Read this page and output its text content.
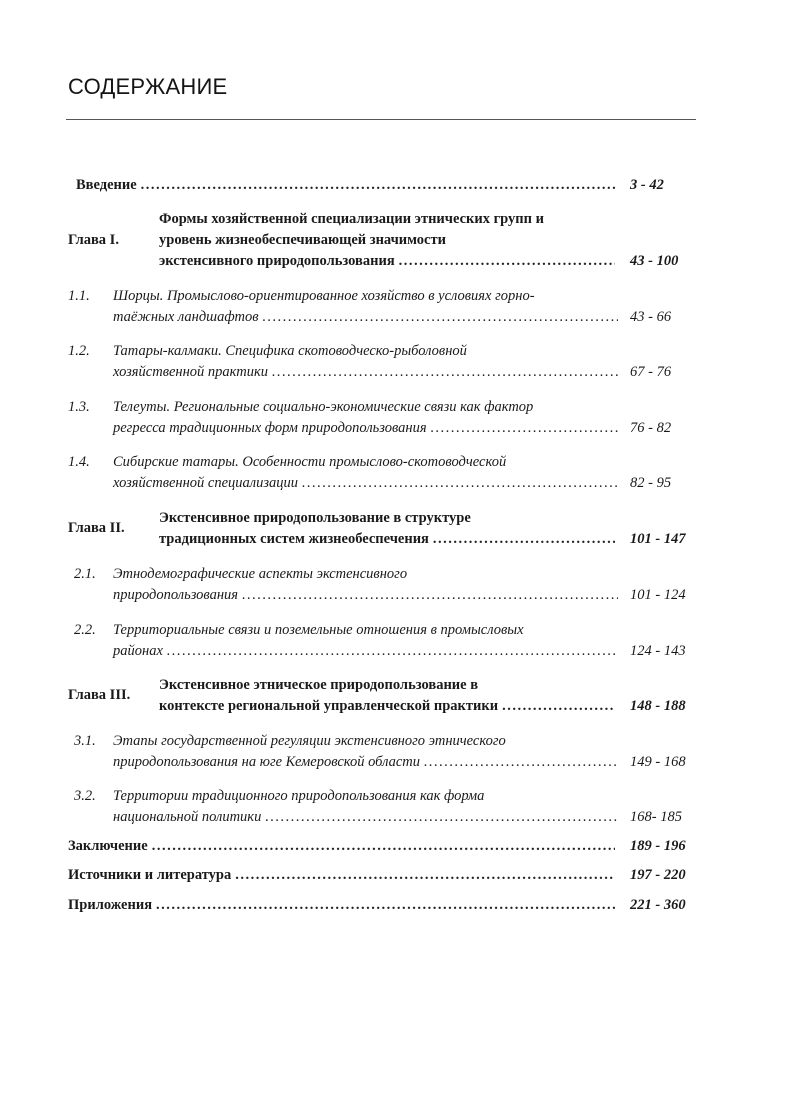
СОДЕРЖАНИЕ
Введение .....	3 - 42
Глава I.
Формы хозяйственной специализации этнических групп и
уровень жизнеобеспечивающей значимости
экстенсивного природопользования .....	43 - 100
1.1. Шорцы. Промыслово-ориентированное хозяйство в условиях горно-
таёжных ландшафтов .....	43 - 66
1.2. Татары-калмаки. Специфика скотоводческо-рыболовной
хозяйственной практики .....	67 - 76
1.3. Телеуты. Региональные социально-экономические связи как фактор
регресса традиционных форм природопользования .....	76 - 82
1.4. Сибирские татары. Особенности промыслово-скотоводческой
хозяйственной специализации .....	82 - 95
Глава II.
Экстенсивное природопользование в структуре
традиционных систем жизнеобеспечения .....	101 - 147
2.1. Этнодемографические аспекты экстенсивного
природопользования .....	101 - 124
2.2. Территориальные связи и поземельные отношения в промысловых
районах .....	124 - 143
Глава III.
Экстенсивное этническое природопользование в
контексте региональной управленческой практики .....	148 - 188
3.1. Этапы государственной регуляции экстенсивного этнического
природопользования на юге Кемеровской области .....	149 - 168
3.2. Территории традиционного природопользования как форма
национальной политики .....	168- 185
Заключение .....	189 - 196
Источники и литература .....	197 - 220
Приложения .....	221 - 360
